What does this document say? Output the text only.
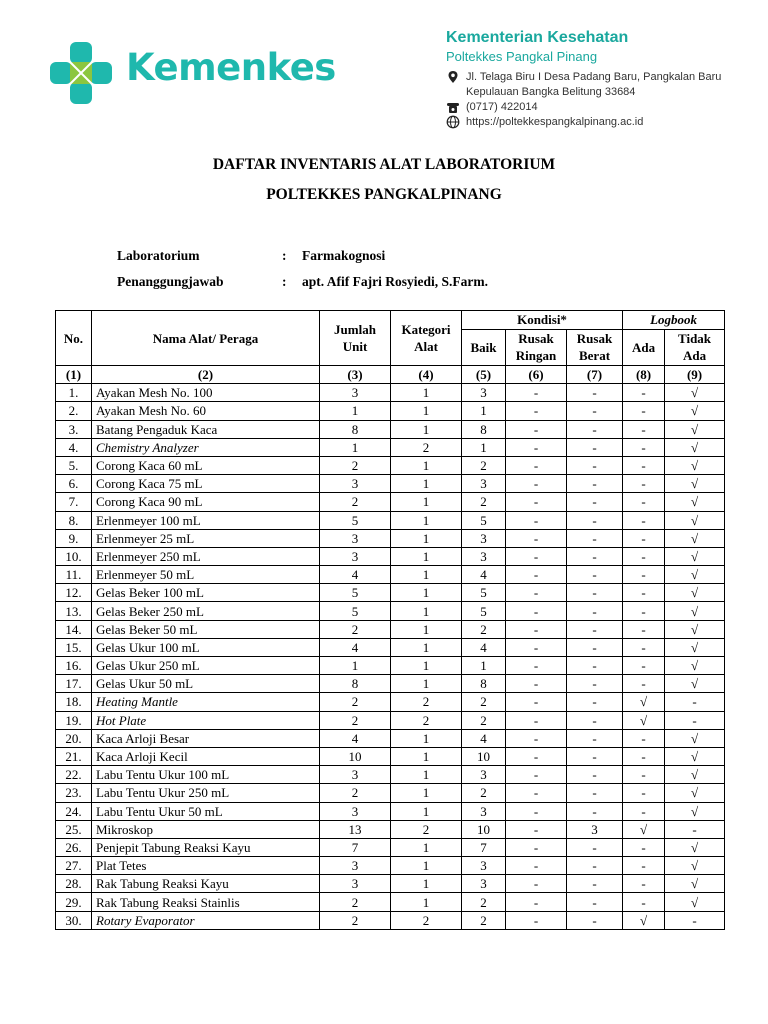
Kemenkes
Kementerian Kesehatan
Poltekkes Pangkal Pinang
Jl. Telaga Biru I Desa Padang Baru, Pangkalan Baru
Kepulauan Bangka Belitung 33684
(0717) 422014
https://poltekkespangkalpinang.ac.id
DAFTAR INVENTARIS ALAT LABORATORIUM
POLTEKKES PANGKALPINANG
Laboratorium	:	Farmakognosi
Penanggungjawab	:	apt. Afif Fajri Rosyiedi, S.Farm.
No.	Nama Alat/ Peraga	Jumlah Unit	Kategori Alat	Kondisi*			Logbook	
				Baik	Rusak Ringan	Rusak Berat	Ada	Tidak Ada
(1)	(2)	(3)	(4)	(5)	(6)	(7)	(8)	(9)
1.	Ayakan Mesh No. 100	3	1	3	-	-	-	√
2.	Ayakan Mesh No. 60	1	1	1	-	-	-	√
3.	Batang Pengaduk Kaca	8	1	8	-	-	-	√
4.	Chemistry Analyzer	1	2	1	-	-	-	√
5.	Corong Kaca 60 mL	2	1	2	-	-	-	√
6.	Corong Kaca 75 mL	3	1	3	-	-	-	√
7.	Corong Kaca 90 mL	2	1	2	-	-	-	√
8.	Erlenmeyer 100 mL	5	1	5	-	-	-	√
9.	Erlenmeyer 25 mL	3	1	3	-	-	-	√
10.	Erlenmeyer 250 mL	3	1	3	-	-	-	√
11.	Erlenmeyer 50 mL	4	1	4	-	-	-	√
12.	Gelas Beker 100 mL	5	1	5	-	-	-	√
13.	Gelas Beker 250 mL	5	1	5	-	-	-	√
14.	Gelas Beker 50 mL	2	1	2	-	-	-	√
15.	Gelas Ukur 100 mL	4	1	4	-	-	-	√
16.	Gelas Ukur 250 mL	1	1	1	-	-	-	√
17.	Gelas Ukur 50 mL	8	1	8	-	-	-	√
18.	Heating Mantle	2	2	2	-	-	√	-
19.	Hot Plate	2	2	2	-	-	√	-
20.	Kaca Arloji Besar	4	1	4	-	-	-	√
21.	Kaca Arloji Kecil	10	1	10	-	-	-	√
22.	Labu Tentu Ukur 100 mL	3	1	3	-	-	-	√
23.	Labu Tentu Ukur 250 mL	2	1	2	-	-	-	√
24.	Labu Tentu Ukur 50 mL	3	1	3	-	-	-	√
25.	Mikroskop	13	2	10	-	3	√	-
26.	Penjepit Tabung Reaksi Kayu	7	1	7	-	-	-	√
27.	Plat Tetes	3	1	3	-	-	-	√
28.	Rak Tabung Reaksi Kayu	3	1	3	-	-	-	√
29.	Rak Tabung Reaksi Stainlis	2	1	2	-	-	-	√
30.	Rotary Evaporator	2	2	2	-	-	√	-
